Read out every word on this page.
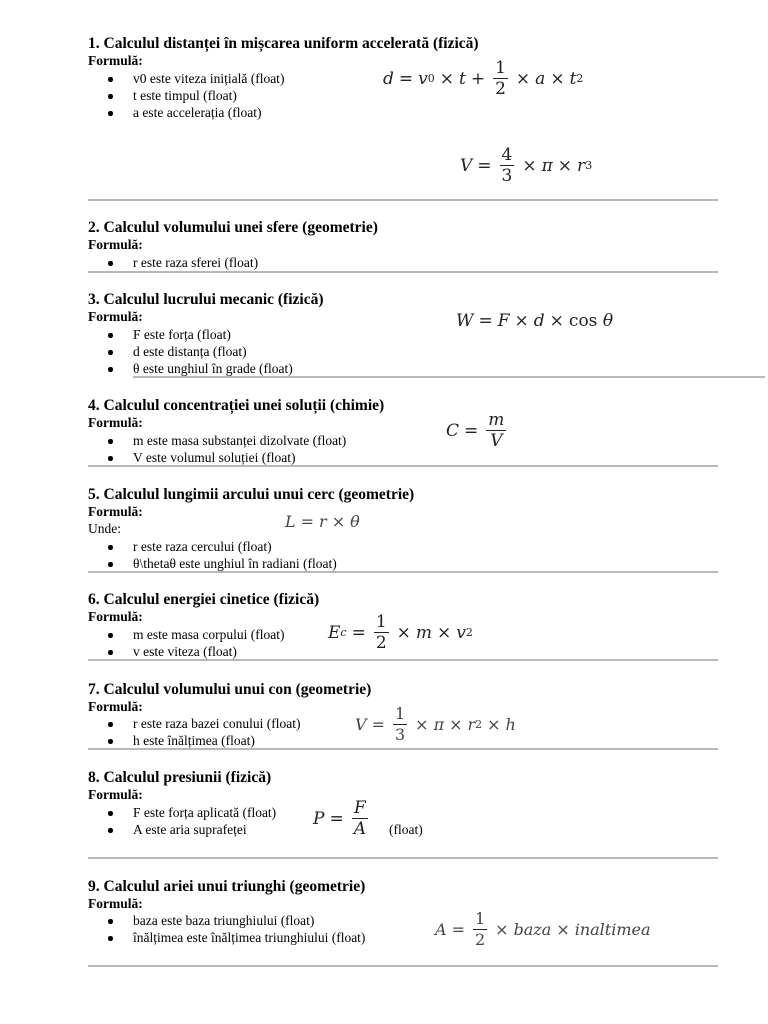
1. Calculul distanței în mișcarea uniform accelerată (fizică)
Formulă:
v0 este viteza inițială (float)
t este timpul (float)
a este accelerația (float)
d = v $0 \times t + \frac{1}{2} \times a \times t$ 2
$V = \frac{4}{3} \times \pi \times r$ 3
2. Calculul volumului unei sfere (geometrie)
Formulă:
r este raza sferei (float)
3. Calculul lucrului mecanic (fizică)
Formulă:
F este forța (float)
d este distanța (float)
θ este unghiul în grade (float)
W = F × d × cos
θ
4. Calculul concentrației unei soluții (chimie)
Formulă:
m este masa substanței dizolvate (float)
V este volumul soluției (float)
$C = \frac{m}{V}$
5. Calculul lungimii arcului unui cerc (geometrie)
Formulă:
Unde:
r este raza cercului (float)
θ\thetaθ este unghiul în radiani (float)
L = r × θ
6. Calculul energiei cinetice (fizică)
Formulă:
m este masa corpului (float)
v este viteza (float)
E $c = \frac{1}{2} \times m \times v$ 2
7. Calculul volumului unui con (geometrie)
Formulă:
r este raza bazei conului (float)
h este înălțimea (float)
$V = \frac{1}{3} \times \pi \times r$ 2 × h
8. Calculul presiunii (fizică)
Formulă:
F este forța aplicată (float)
A este aria suprafeței
$P = \frac{F}{A}$ (float)
9. Calculul ariei unui triunghi (geometrie)
Formulă:
baza este baza triunghiului (float)
înălțimea este înălțimea triunghiului (float)	$A = \frac{1}{2}$ × baza × inaltimea
